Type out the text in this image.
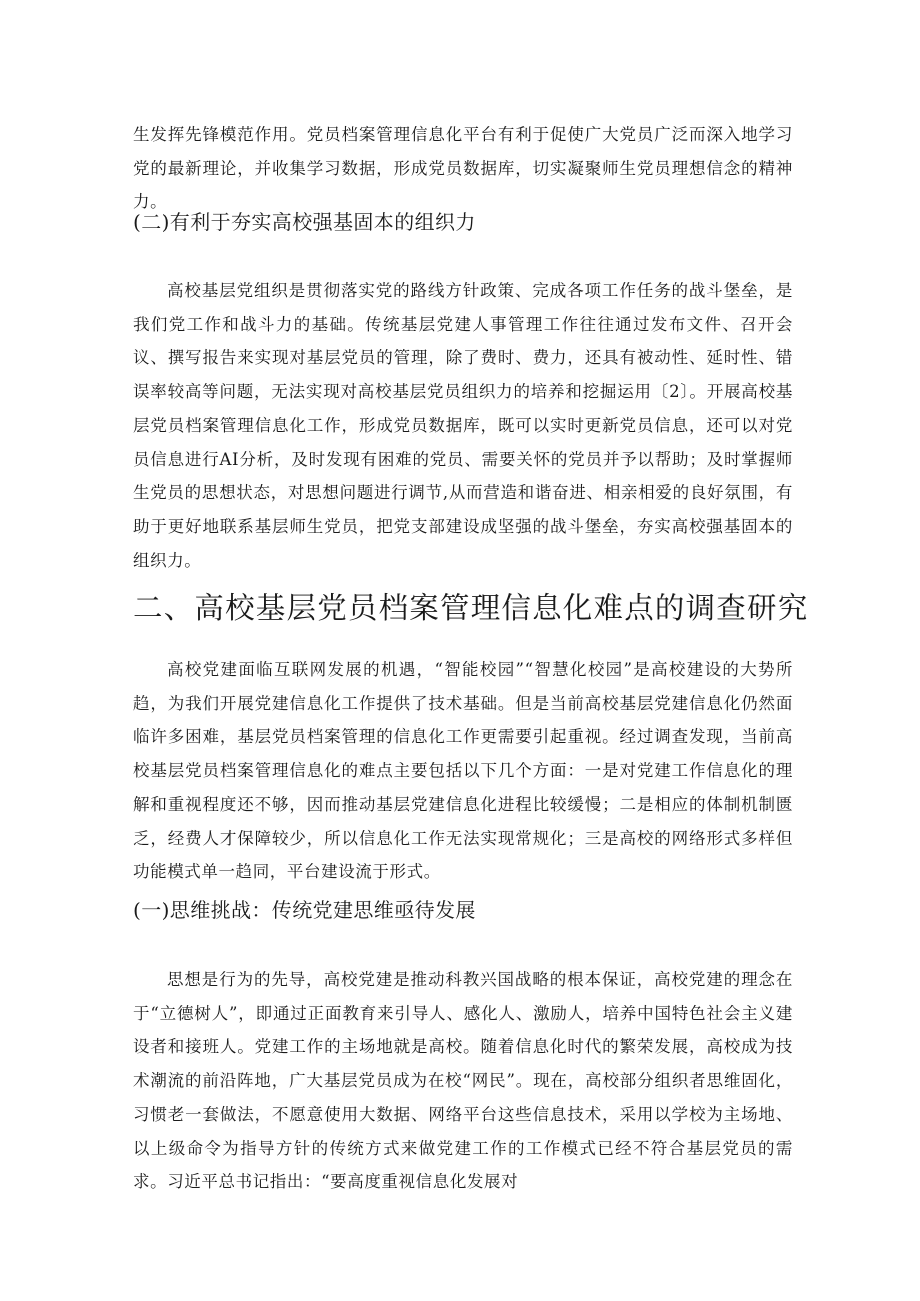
生发挥先锋模范作用。党员档案管理信息化平台有利于促使广大党员广泛而深入地学习党的最新理论，并收集学习数据，形成党员数据库，切实凝聚师生党员理想信念的精神力。

(二)有利于夯实高校强基固本的组织力

高校基层党组织是贯彻落实党的路线方针政策、完成各项工作任务的战斗堡垒，是我们党工作和战斗力的基础。传统基层党建人事管理工作往往通过发布文件、召开会议、撰写报告来实现对基层党员的管理，除了费时、费力，还具有被动性、延时性、错误率较高等问题，无法实现对高校基层党员组织力的培养和挖掘运用〔2〕。开展高校基层党员档案管理信息化工作，形成党员数据库，既可以实时更新党员信息，还可以对党员信息进行AI分析，及时发现有困难的党员、需要关怀的党员并予以帮助；及时掌握师生党员的思想状态，对思想问题进行调节,从而营造和谐奋进、相亲相爱的良好氛围，有助于更好地联系基层师生党员，把党支部建设成坚强的战斗堡垒，夯实高校强基固本的组织力。

二、高校基层党员档案管理信息化难点的调查研究

高校党建面临互联网发展的机遇，“智能校园”“智慧化校园”是高校建设的大势所趋，为我们开展党建信息化工作提供了技术基础。但是当前高校基层党建信息化仍然面临许多困难，基层党员档案管理的信息化工作更需要引起重视。经过调查发现，当前高校基层党员档案管理信息化的难点主要包括以下几个方面：一是对党建工作信息化的理解和重视程度还不够，因而推动基层党建信息化进程比较缓慢；二是相应的体制机制匮乏，经费人才保障较少，所以信息化工作无法实现常规化；三是高校的网络形式多样但功能模式单一趋同，平台建设流于形式。

(一)思维挑战：传统党建思维亟待发展

思想是行为的先导，高校党建是推动科教兴国战略的根本保证，高校党建的理念在于“立德树人”，即通过正面教育来引导人、感化人、激励人，培养中国特色社会主义建设者和接班人。党建工作的主场地就是高校。随着信息化时代的繁荣发展，高校成为技术潮流的前沿阵地，广大基层党员成为在校“网民”。现在，高校部分组织者思维固化，习惯老一套做法，不愿意使用大数据、网络平台这些信息技术，采用以学校为主场地、以上级命令为指导方针的传统方式来做党建工作的工作模式已经不符合基层党员的需求。习近平总书记指出：“要高度重视信息化发展对
